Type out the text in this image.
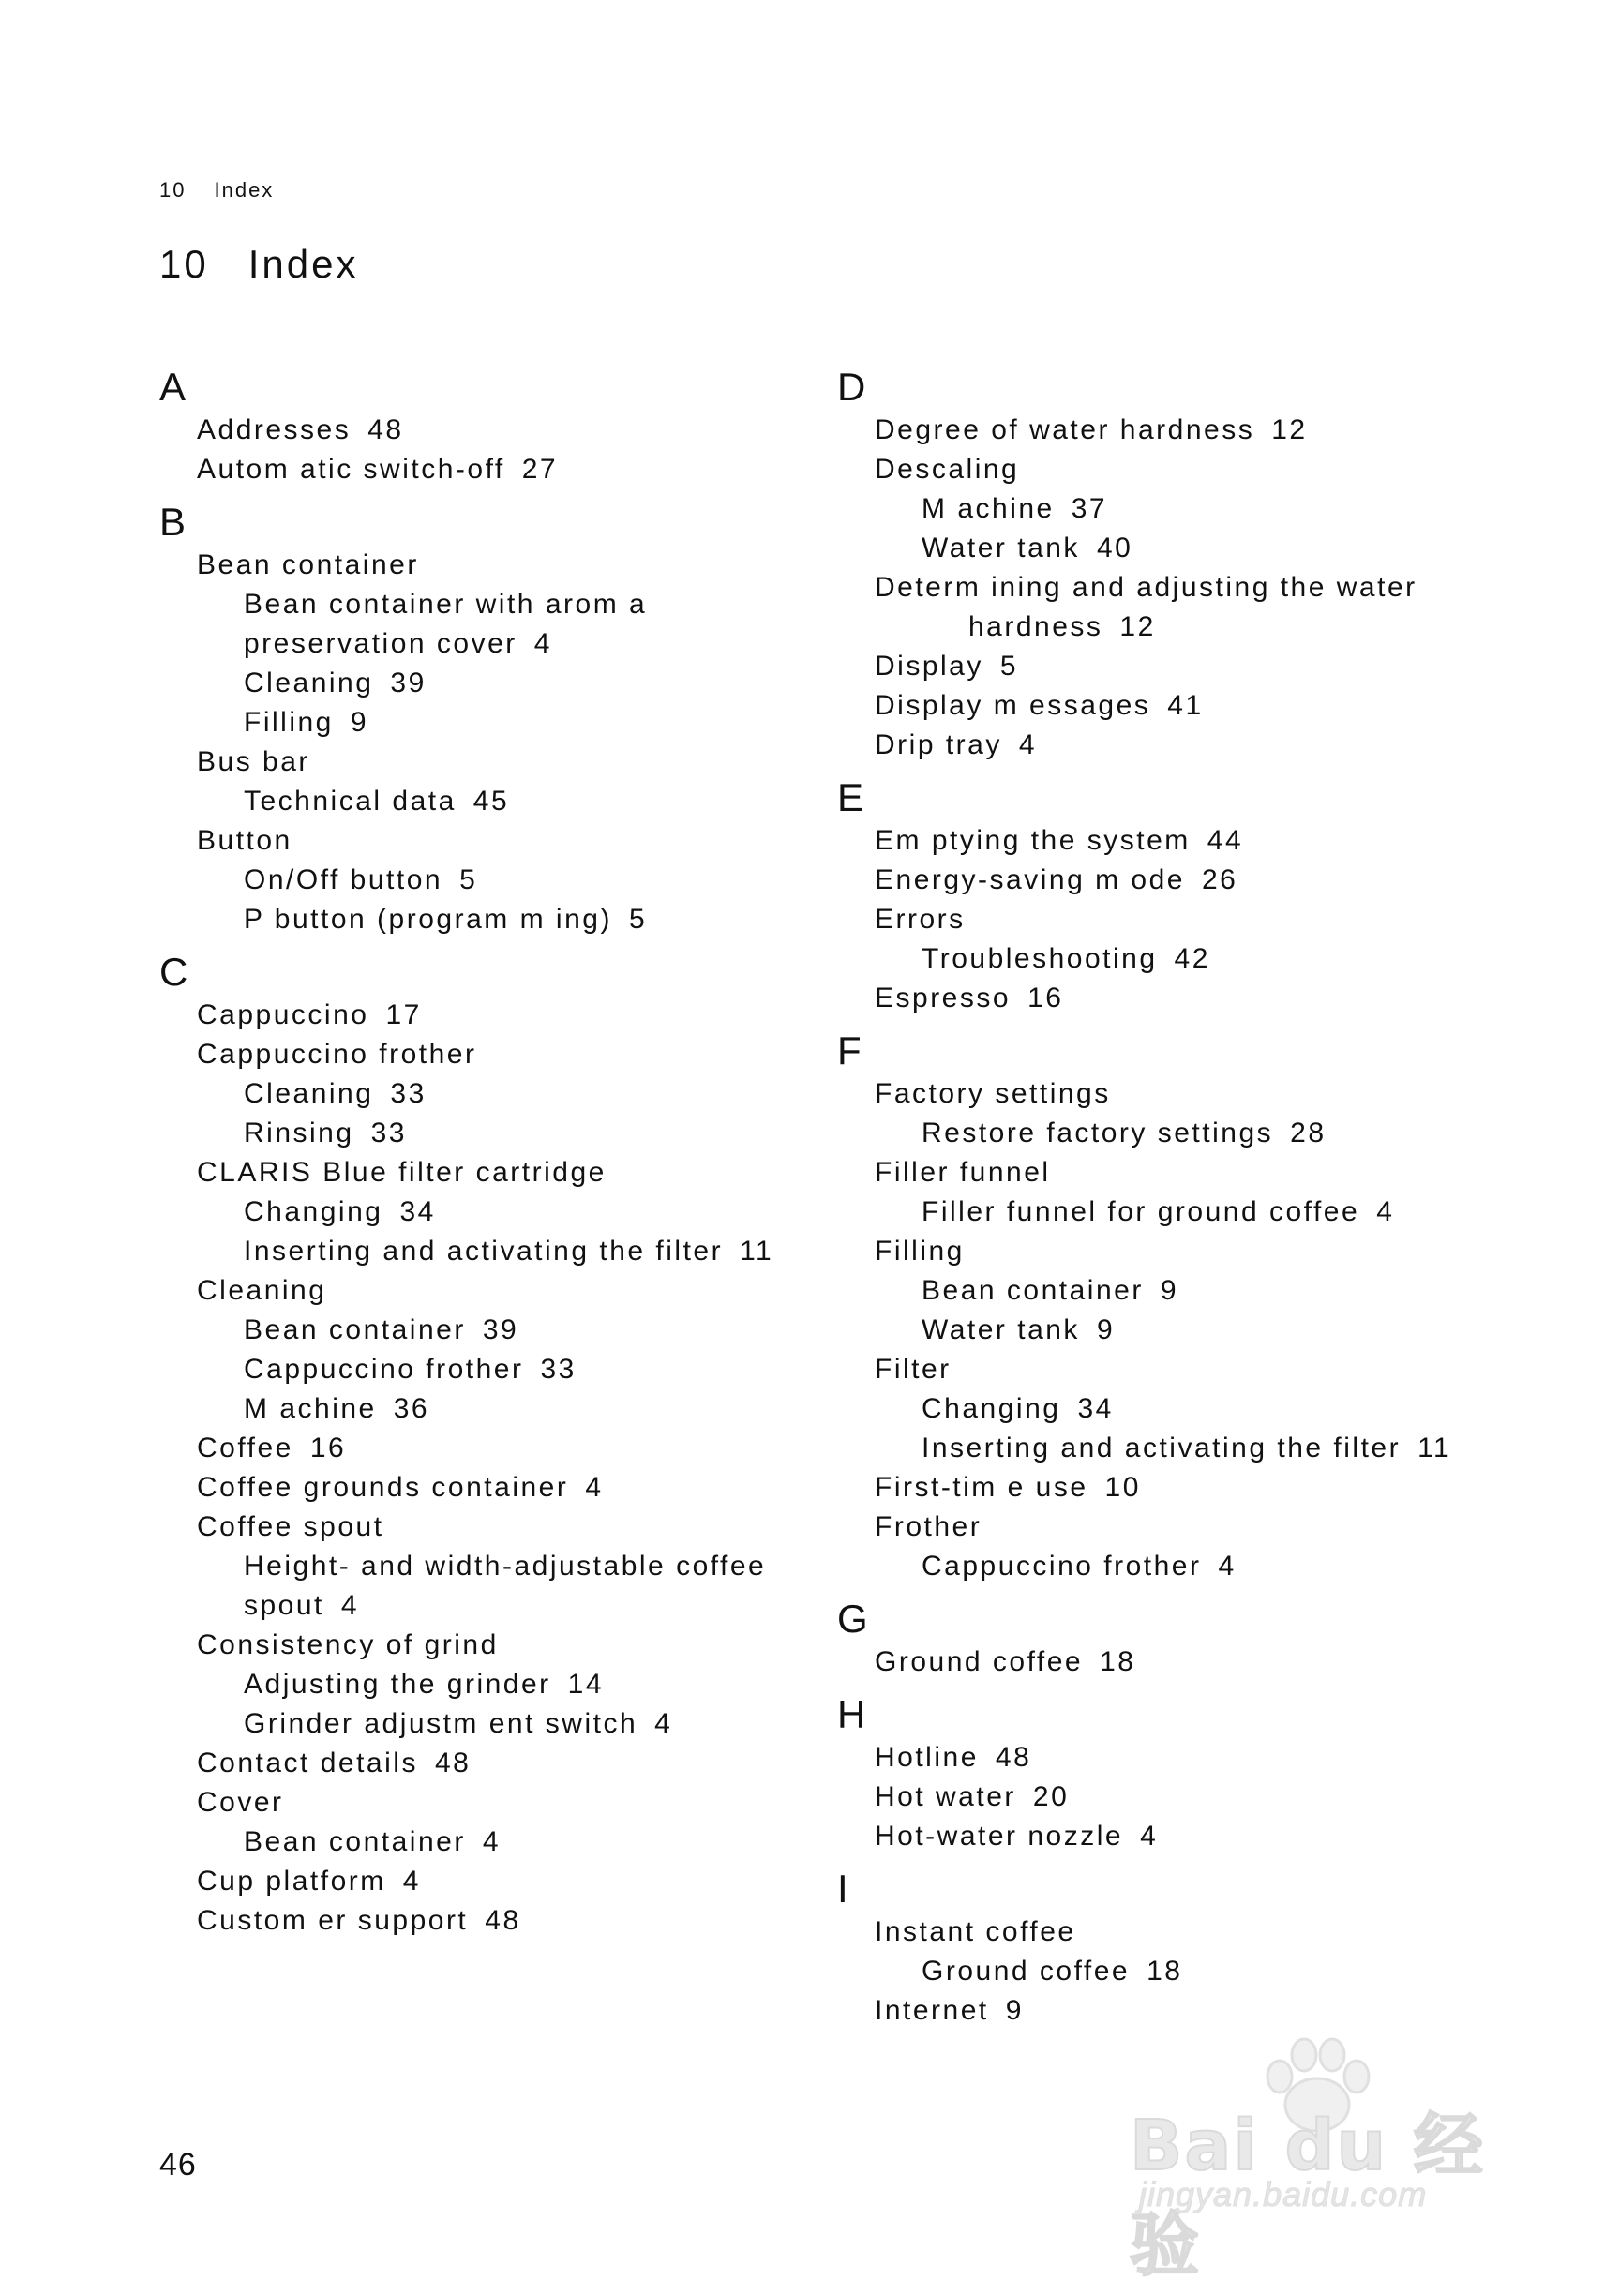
10 Index
10 Index
A
Addresses 48
Autom atic switch-off 27
B
Bean container
Bean container with arom a
preservation cover 4
Cleaning 39
Filling 9
Bus bar
Technical data 45
Button
On/Off button 5
P button (program m ing) 5
C
Cappuccino 17
Cappuccino frother
Cleaning 33
Rinsing 33
CLARIS Blue filter cartridge
Changing 34
Inserting and activating the filter 11
Cleaning
Bean container 39
Cappuccino frother 33
M achine 36
Coffee 16
Coffee grounds container 4
Coffee spout
Height- and width-adjustable coffee
spout 4
Consistency of grind
Adjusting the grinder 14
Grinder adjustm ent switch 4
Contact details 48
Cover
Bean container 4
Cup platform 4
Custom er support 48
D
Degree of water hardness 12
Descaling
M achine 37
Water tank 40
Determ ining and adjusting the water
hardness 12
Display 5
Display m essages 41
Drip tray 4
E
Em ptying the system 44
Energy-saving m ode 26
Errors
Troubleshooting 42
Espresso 16
F
Factory settings
Restore factory settings 28
Filler funnel
Filler funnel for ground coffee 4
Filling
Bean container 9
Water tank 9
Filter
Changing 34
Inserting and activating the filter 11
First-tim e use 10
Frother
Cappuccino frother 4
G
Ground coffee 18
H
Hotline 48
Hot water 20
Hot-water nozzle 4
I
Instant coffee
Ground coffee 18
Internet 9
46	Bai du 经验
jingyan.baidu.com
